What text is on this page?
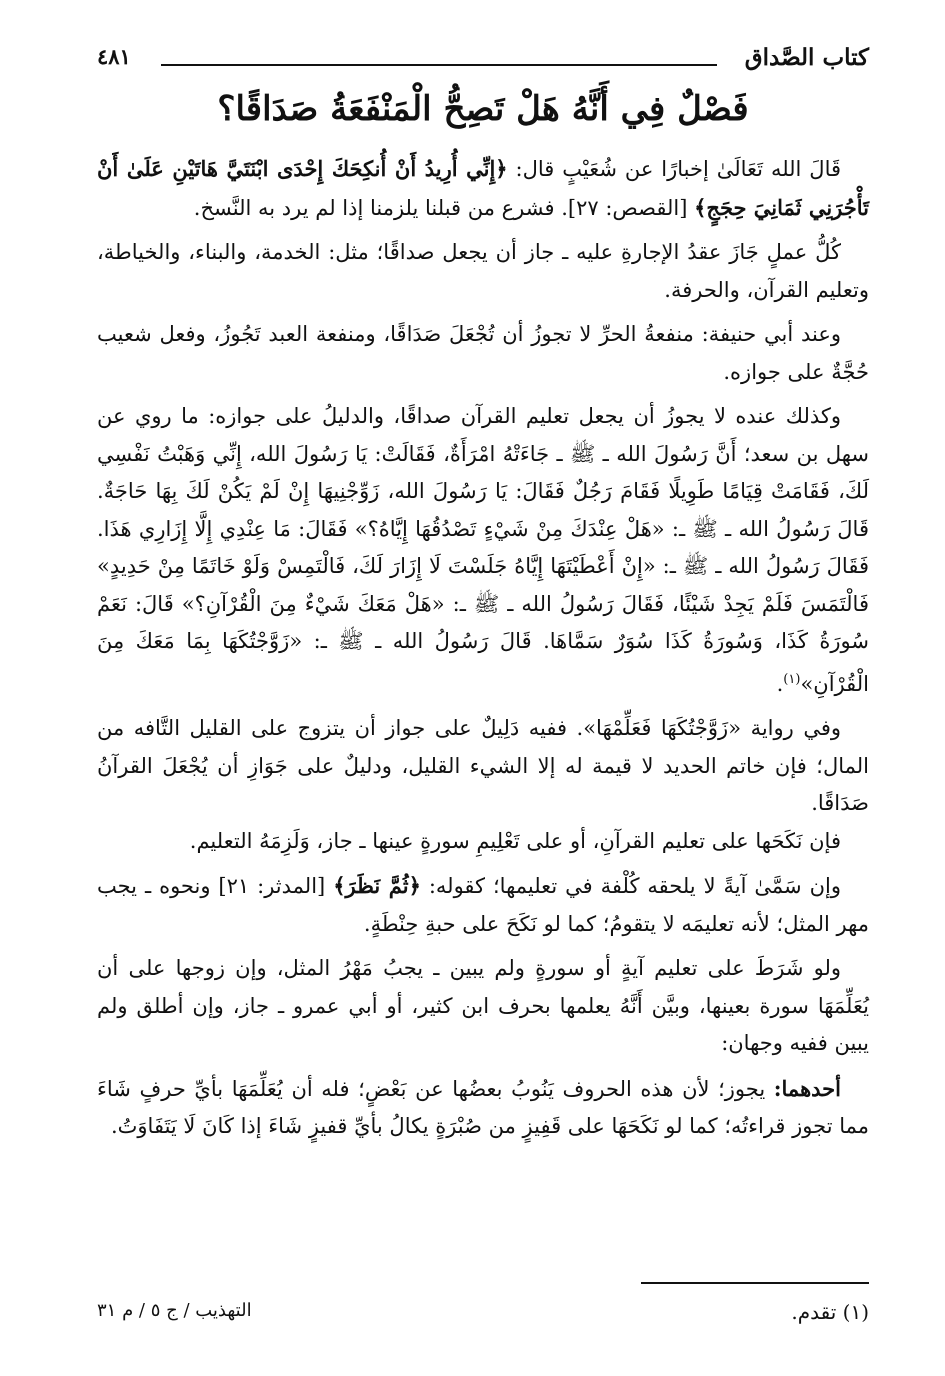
كتاب الصَّداق
٤٨١
فَصْلٌ فِي أَنَّهُ هَلْ تَصِحُّ الْمَنْفَعَةُ صَدَاقًا؟

قَالَ الله تَعَالَىٰ إخبارًا عن شُعَيْبٍ قال: ﴿إِنِّي أُرِيدُ أَنْ أُنكِحَكَ إِحْدَى ابْنَتَيَّ هَاتَيْنِ عَلَىٰ أَنْ تَأْجُرَنِي ثَمَانِيَ حِجَجٍ﴾ [القصص: ٢٧]. فشرع من قبلنا يلزمنا إذا لم يرد به النَّسخ.

كُلُّ عملٍ جَازَ عقدُ الإجارةِ عليه ـ جاز أن يجعل صداقًا؛ مثل: الخدمة، والبناء، والخياطة، وتعليم القرآن، والحرفة.

وعند أبي حنيفة: منفعةُ الحرِّ لا تجوزُ أن تُجْعَلَ صَدَاقًا، ومنفعة العبد تَجُوزُ، وفعل شعيب حُجَّةٌ على جوازه.

وكذلك عنده لا يجوزُ أن يجعل تعليم القرآن صداقًا، والدليلُ على جوازه: ما روي عن سهل بن سعد؛ أَنَّ رَسُولَ الله ـ ﷺ ـ جَاءَتْهُ امْرَأَةٌ، فَقَالَتْ: يَا رَسُولَ الله، إِنِّي وَهَبْتُ نَفْسِي لَكَ، فَقَامَتْ قِيَامًا طَوِيلًا فَقَامَ رَجُلٌ فَقَالَ: يَا رَسُولَ الله، زَوِّجْنِيهَا إِنْ لَمْ يَكُنْ لَكَ بِهَا حَاجَةٌ. قَالَ رَسُولُ الله ـ ﷺ ـ: «هَلْ عِنْدَكَ مِنْ شَيْءٍ تَصْدُقُهَا إِيَّاهُ؟» فَقَالَ: مَا عِنْدِي إِلَّا إِزَارِي هَذَا. فَقَالَ رَسُولُ الله ـ ﷺ ـ: «إِنْ أَعْطَيْتَهَا إِيَّاهُ جَلَسْتَ لَا إِزَارَ لَكَ، فَالْتَمِسْ وَلَوْ خَاتَمًا مِنْ حَدِيدٍ» فَالْتَمَسَ فَلَمْ يَجِدْ شَيْئًا، فَقَالَ رَسُولُ الله ـ ﷺ ـ: «هَلْ مَعَكَ شَيْءٌ مِنَ الْقُرْآنِ؟» قَالَ: نَعَمْ سُورَةُ كَذَا، وَسُورَةُ كَذَا سُوَرٌ سَمَّاهَا. قَالَ رَسُولُ الله ـ ﷺ ـ: «زَوَّجْتُكَهَا بِمَا مَعَكَ مِنَ الْقُرْآنِ»$^{(١)}$.

وفي رواية «زَوَّجْتُكَهَا فَعَلِّمْهَا». ففيه دَلِيلٌ على جواز أن يتزوج على القليل التَّافه من المال؛ فإن خاتم الحديد لا قيمة له إلا الشيء القليل، ودليلٌ على جَوَازِ أن يُجْعَلَ القرآنُ صَدَاقًا.

فإن نَكَحَها على تعليم القرآنِ، أو على تَعْلِيمِ سورةٍ عينها ـ جاز، وَلَزِمَهُ التعليم.

وإن سَمَّىٰ آيةً لا يلحقه كُلْفة في تعليمها؛ كقوله: ﴿ثُمَّ نَظَرَ﴾ [المدثر: ٢١] ونحوه ـ يجب مهر المثل؛ لأنه تعليمَه لا يتقومُ؛ كما لو نَكَحَ على حبةِ حِنْطَةٍ.

ولو شَرَطَ على تعليم آيةٍ أو سورةٍ ولم يبين ـ يجبُ مَهْرُ المثل، وإن زوجها على أن يُعَلِّمَهَا سورة بعينها، وبيَّن أَنَّهُ يعلمها بحرف ابن كثير، أو أبي عمرو ـ جاز، وإن أطلق ولم يبين ففيه وجهان:

أحدهما: يجوز؛ لأن هذه الحروف يَنُوبُ بعضُها عن بَعْضٍ؛ فله أن يُعَلِّمَهَا بأيِّ حرفٍ شَاءَ مما تجوز قراءتُه؛ كما لو نَكَحَهَا على قَفِيزٍ من صُبْرَةٍ يكالُ بأيِّ قفيزٍ شَاءَ إذا كَانَ لَا يَتَفَاوَتُ.

(١) تقدم.
التهذيب / ج ٥ / م ٣١
